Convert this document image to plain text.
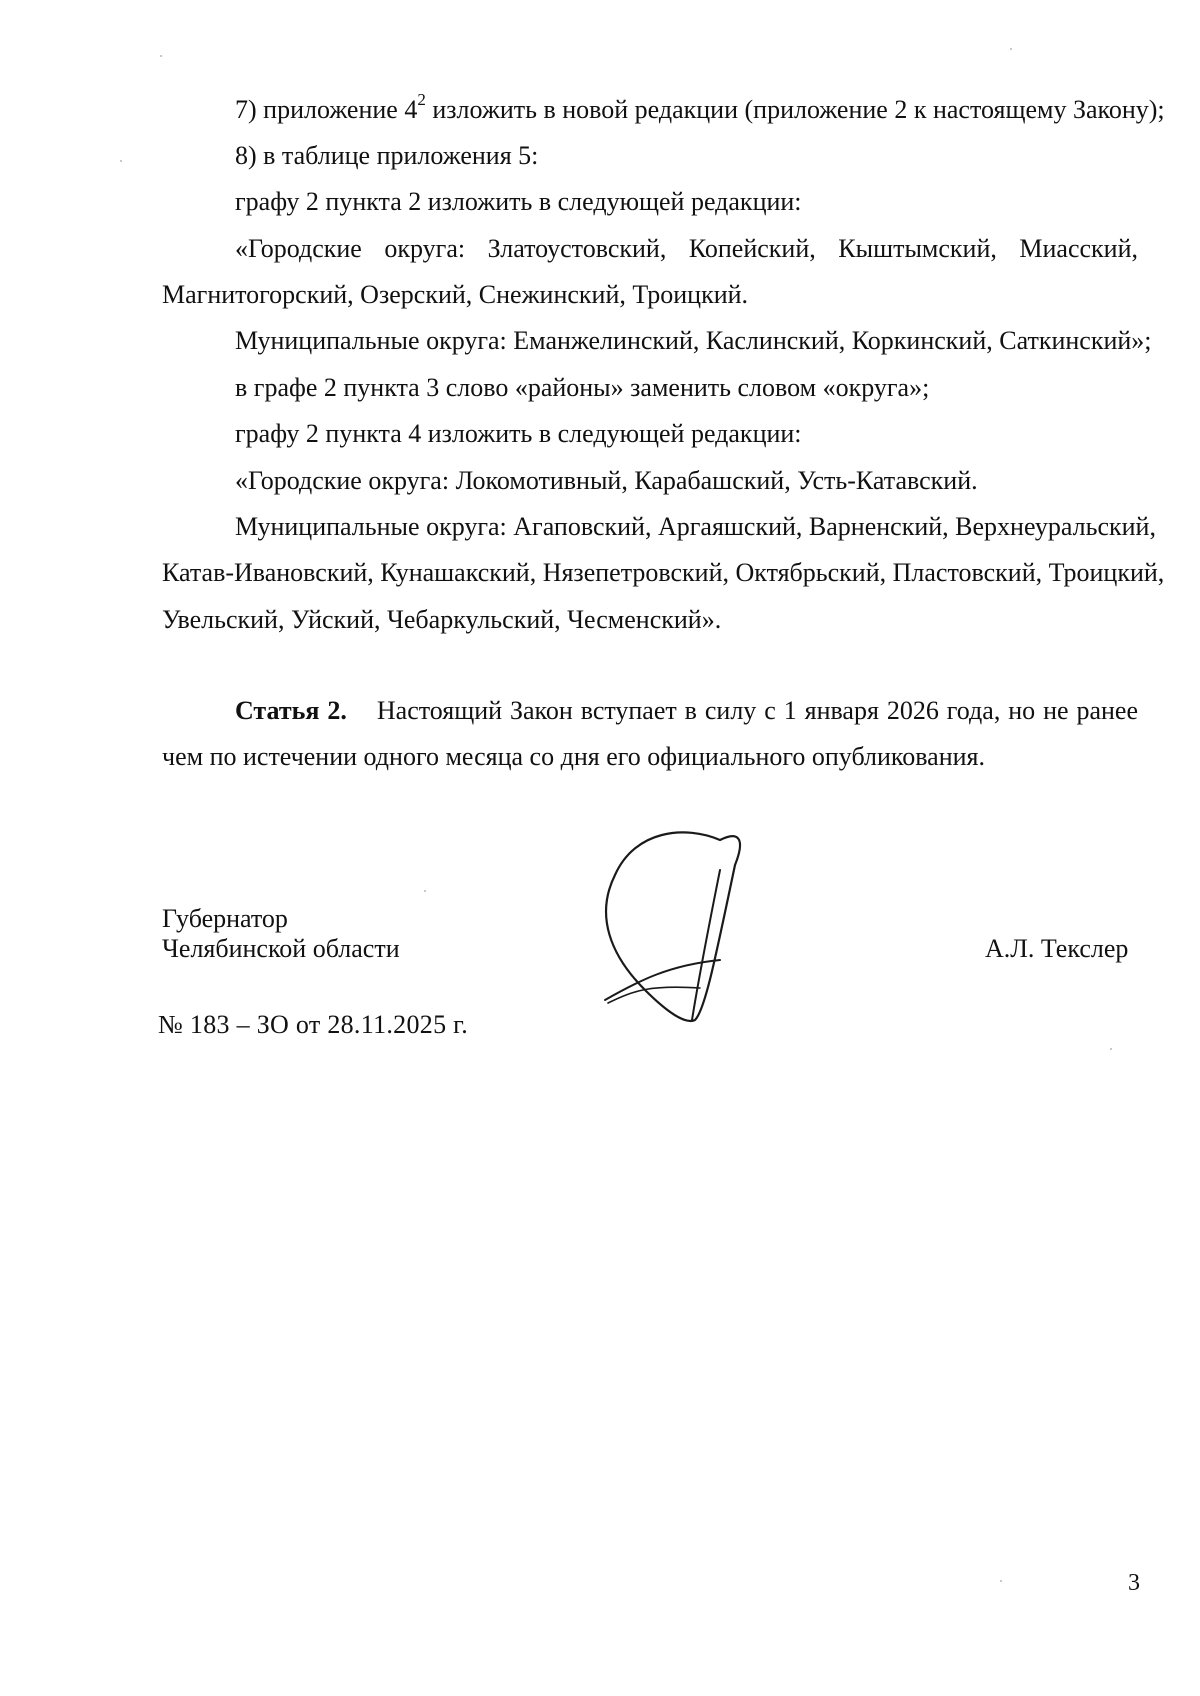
7) приложение $4^2$ изложить в новой редакции (приложение 2 к настоящему Закону);
8) в таблице приложения 5:
графу 2 пункта 2 изложить в следующей редакции:
«Городские округа: Златоустовский, Копейский, Кыштымский, Миасский,
Магнитогорский, Озерский, Снежинский, Троицкий.
Муниципальные округа: Еманжелинский, Каслинский, Коркинский, Саткинский»;
в графе 2 пункта 3 слово «районы» заменить словом «округа»;
графу 2 пункта 4 изложить в следующей редакции:
«Городские округа: Локомотивный, Карабашский, Усть-Катавский.
Муниципальные округа: Агаповский, Аргаяшский, Варненский, Верхнеуральский,
Катав-Ивановский, Кунашакский, Нязепетровский, Октябрьский, Пластовский, Троицкий,
Увельский, Уйский, Чебаркульский, Чесменский».
Статья 2. Настоящий Закон вступает в силу с 1 января 2026 года, но не ранее
чем по истечении одного месяца со дня его официального опубликования.
Губернатор
Челябинской области	А.Л. Текслер
№ 183 – ЗО от 28.11.2025 г.
3
